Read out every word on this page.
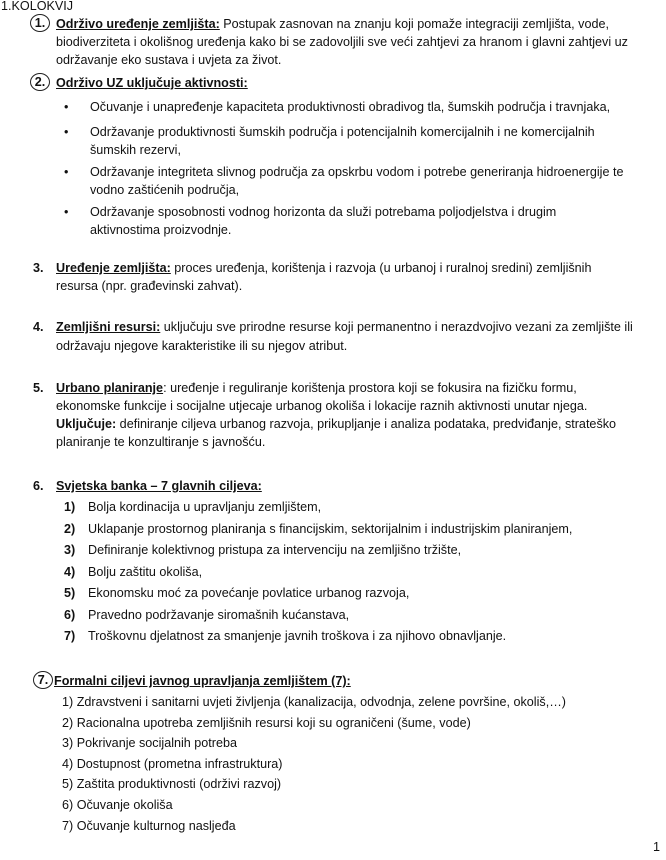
1.KOLOKVIJ
1. Održivo uređenje zemljišta: Postupak zasnovan na znanju koji pomaže integraciji zemljišta, vode,
biodiverziteta i okolišnog uređenja kako bi se zadovoljili sve veći zahtjevi za hranom i glavni zahtjevi uz
održavanje eko sustava i uvjeta za život.
2. Održivo UZ uključuje aktivnosti:
• Očuvanje i unapređenje kapaciteta produktivnosti obradivog tla, šumskih područja i travnjaka,
• Održavanje produktivnosti šumskih područja i potencijalnih komercijalnih i ne komercijalnih
šumskih rezervi,
• Održavanje integriteta slivnog područja za opskrbu vodom i potrebe generiranja hidroenergije te
vodno zaštićenih područja,
• Održavanje sposobnosti vodnog horizonta da služi potrebama poljodjelstva i drugim
aktivnostima proizvodnje.
3. Uređenje zemljišta: proces uređenja, korištenja i razvoja (u urbanoj i ruralnoj sredini) zemljišnih
resursa (npr. građevinski zahvat).
4. Zemljišni resursi: uključuju sve prirodne resurse koji permanentno i nerazdvojivo vezani za zemljište ili
održavaju njegove karakteristike ili su njegov atribut.
5. Urbano planiranje: uređenje i reguliranje korištenja prostora koji se fokusira na fizičku formu,
ekonomske funkcije i socijalne utjecaje urbanog okoliša i lokacije raznih aktivnosti unutar njega.
Uključuje: definiranje ciljeva urbanog razvoja, prikupljanje i analiza podataka, predviđanje, strateško
planiranje te konzultiranje s javnošću.
6. Svjetska banka – 7 glavnih ciljeva:
1) Bolja kordinacija u upravljanju zemljištem,
2) Uklapanje prostornog planiranja s financijskim, sektorijalnim i industrijskim planiranjem,
3) Definiranje kolektivnog pristupa za intervenciju na zemljišno tržište,
4) Bolju zaštitu okoliša,
5) Ekonomsku moć za povećanje povlatice urbanog razvoja,
6) Pravedno podržavanje siromašnih kućanstava,
7) Troškovnu djelatnost za smanjenje javnih troškova i za njihovo obnavljanje.
7. Formalni ciljevi javnog upravljanja zemljištem (7):
1) Zdravstveni i sanitarni uvjeti življenja (kanalizacija, odvodnja, zelene površine, okoliš,…)
2) Racionalna upotreba zemljišnih resursi koji su ograničeni (šume, vode)
3) Pokrivanje socijalnih potreba
4) Dostupnost (prometna infrastruktura)
5) Zaštita produktivnosti (održivi razvoj)
6) Očuvanje okoliša
7) Očuvanje kulturnog nasljeđa
1
